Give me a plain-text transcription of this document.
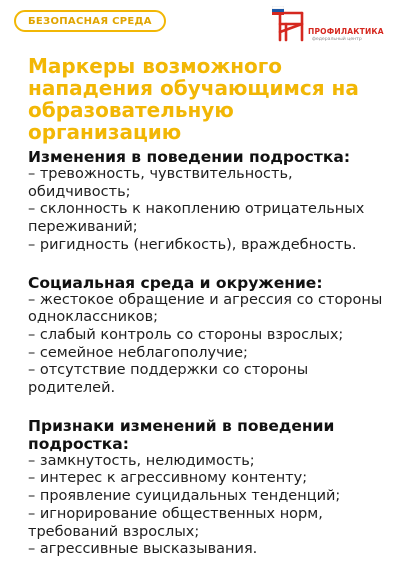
БЕЗОПАСНАЯ СРЕДА
ПРОФИЛАКТИКА
федеральный центр
Маркеры возможного нападения обучающимся на образовательную организацию
Изменения в поведении подростка:
– тревожность, чувствительность, обидчивость;
– склонность к накоплению отрицательных переживаний;
– ригидность (негибкость), враждебность.
Социальная среда и окружение:
– жестокое обращение и агрессия со стороны одноклассников;
– слабый контроль со стороны взрослых;
– семейное неблагополучие;
– отсутствие поддержки со стороны родителей.
Признаки изменений в поведении подростка:
– замкнутость, нелюдимость;
– интерес к агрессивному контенту;
– проявление суицидальных тенденций;
– игнорирование общественных норм, требований взрослых;
– агрессивные высказывания.
